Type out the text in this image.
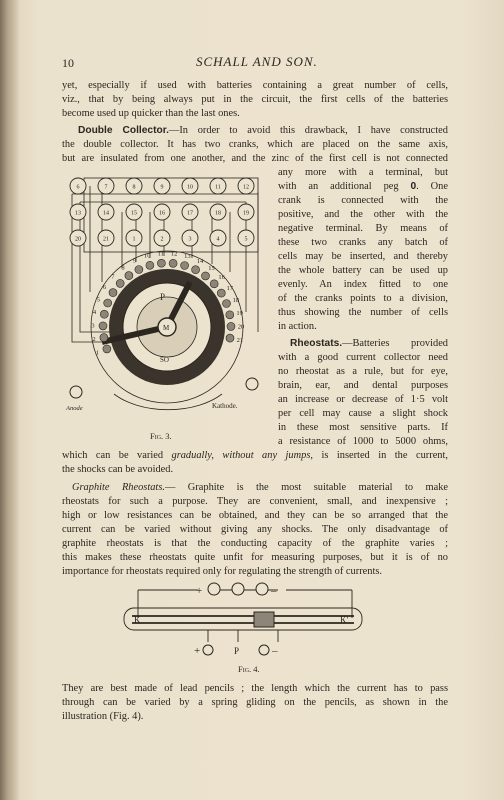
10	SCHALL AND SON.
yet, especially if used with batteries containing a great number of cells,
viz., that by being always put in the circuit, the first cells of the batteries
become used up quicker than the last ones.
Double Collector.—In order to avoid this drawback, I have constructed
the double collector. It has two cranks, which are placed on the same axis,
but are insulated from one another, and the zinc of the first cell is not connected
any more with a terminal, but
with an additional peg 0. One
crank is connected with the
positive, and the other with the
negative terminal. By means of
these two cranks any batch of
cells may be inserted, and thereby
the whole battery can be used up
evenly. An index fitted to one
of the cranks points to a division,
thus showing the number of cells
in action.
Rheostats.—Batteries provided
with a good current collector need
no rheostat as a rule, but for eye,
brain, ear, and dental purposes
an increase or decrease of 1·5 volt
per cell may cause a slight shock
in these most sensitive parts. If
a resistance of 1000 to 5000 ohms,
Fig. 3.
which can be varied gradually, without any jumps, is inserted in the current,
the shocks can be avoided.
Graphite Rheostats.— Graphite is the most suitable material to make
rheostats for such a purpose. They are convenient, small, and inexpensive ;
high or low resistances can be obtained, and they can be so arranged that the
current can be varied without giving any shocks. The only disadvantage of
graphite rheostats is that the conducting capacity of the graphite varies ;
this makes these rheostats quite unfit for measuring purposes, but it is of no
importance for rheostats required only for regulating the strength of currents.
6	7	8	9	10	11	12
13	14	15	16	17	18	19
20	21	1	2	3	4	5
1
2
3
4
5
6
7
8
9
10 11 12 13
14
15
16
17
18
19
20
21
P
M
SO
Anode	Kathode.
+	–
K	K'
+	P	–
Fig. 4.
They are best made of lead pencils ; the length which the current has to pass
through can be varied by a spring gliding on the pencils, as shown in the
illustration (Fig. 4).
